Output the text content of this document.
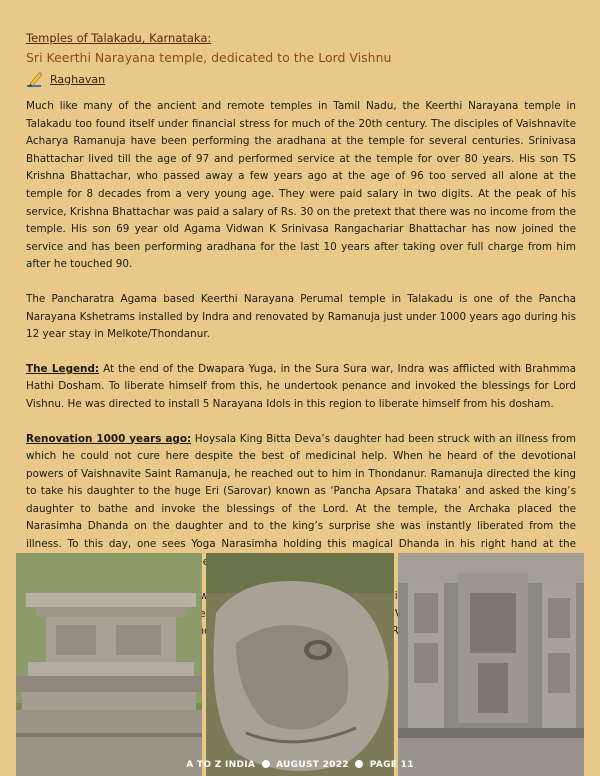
Temples of Talakadu, Karnataka:
Sri Keerthi Narayana temple, dedicated to the Lord Vishnu
Raghavan

Much like many of the ancient and remote temples in Tamil Nadu, the Keerthi Narayana temple in Talakadu too found itself under financial stress for much of the 20th century. The disciples of Vaishnavite Acharya Ramanuja have been performing the aradhana at the temple for several centuries. Srinivasa Bhattachar lived till the age of 97 and performed service at the temple for over 80 years. His son TS Krishna Bhattachar, who passed away a few years ago at the age of 96 too served all alone at the temple for 8 decades from a very young age. They were paid salary in two digits. At the peak of his service, Krishna Bhattachar was paid a salary of Rs. 30 on the pretext that there was no income from the temple. His son 69 year old Agama Vidwan K Srinivasa Rangachariar Bhattachar has now joined the service and has been performing aradhana for the last 10 years after taking over full charge from him after he touched 90.

The Pancharatra Agama based Keerthi Narayana Perumal temple in Talakadu is one of the Pancha Narayana Kshetrams installed by Indra and renovated by Ramanuja just under 1000 years ago during his 12 year stay in Melkote/Thondanur.

The Legend: At the end of the Dwapara Yuga, in the Sura Sura war, Indra was afflicted with Brahmma Hathi Dosham. To liberate himself from this, he undertook penance and invoked the blessings for Lord Vishnu. He was directed to install 5 Narayana Idols in this region to liberate himself from his dosham.

Renovation 1000 years ago: Hoysala King Bitta Deva’s daughter had been struck with an illness from which he could not cure here despite the best of medicinal help. When he heard of the devotional powers of Vaishnavite Saint Ramanuja, he reached out to him in Thondanur. Ramanuja directed the king to take his daughter to the huge Eri (Sarovar) known as ‘Pancha Apsara Thataka’ and asked the king’s daughter to bathe and invoke the blessings of the Lord. At the temple, the Archaka placed the Narasimha Dhanda on the daughter and to the king’s surprise she was instantly liberated from the illness. To this day, one sees Yoga Narasimha holding this magical Dhanda in his right hand at the

him funded

A TO Z INDIA AUGUST 2022 PAGE 11
